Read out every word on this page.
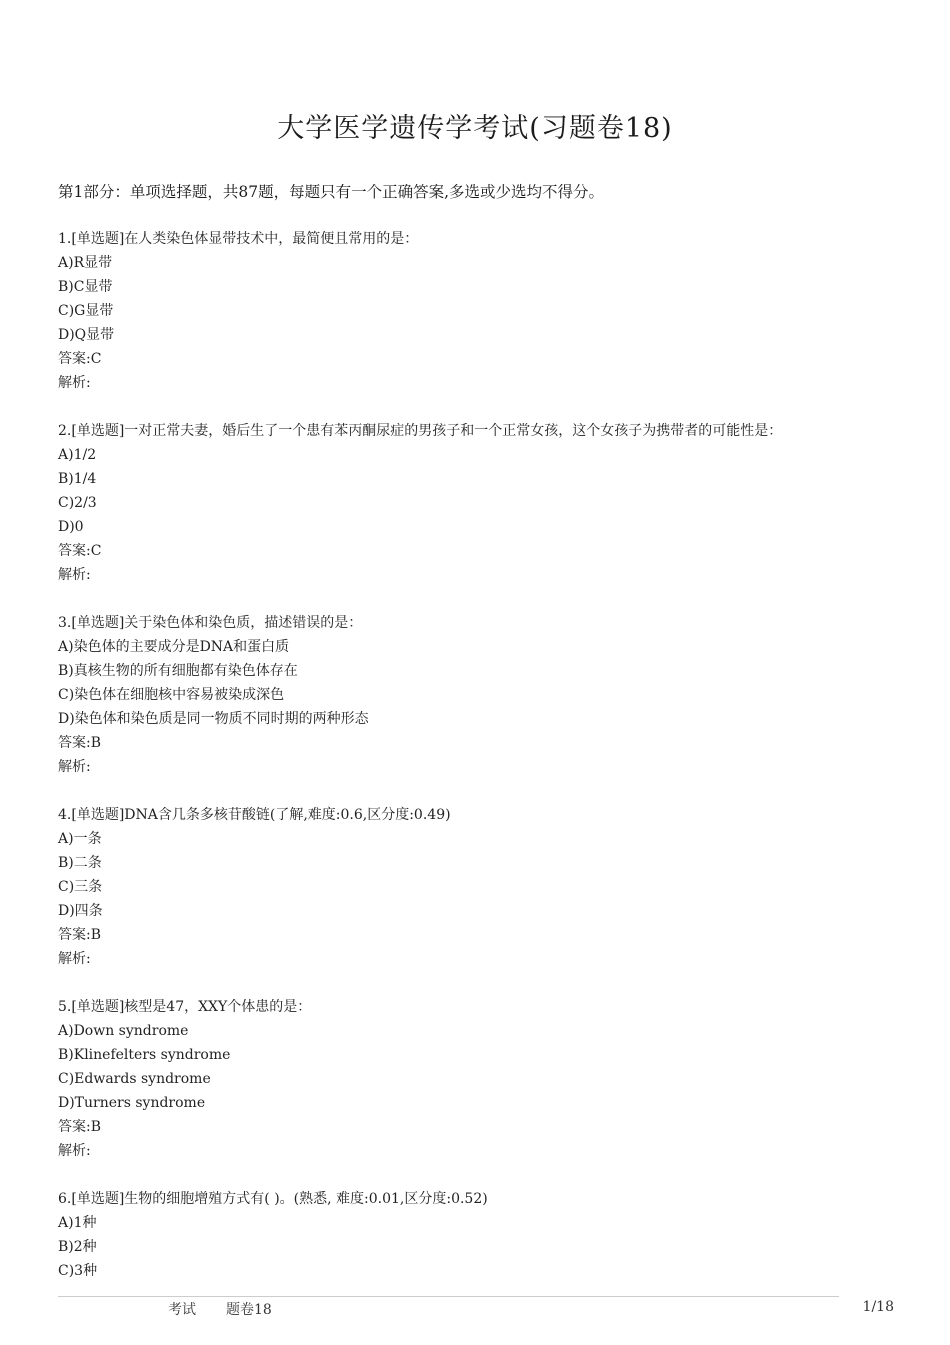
大学医学遗传学考试(习题卷18)
第1部分：单项选择题，共87题，每题只有一个正确答案,多选或少选均不得分。
1.[单选题]在人类染色体显带技术中，最简便且常用的是：
A)R显带
B)C显带
C)G显带
D)Q显带
答案:C
解析:
2.[单选题]一对正常夫妻，婚后生了一个患有苯丙酮尿症的男孩子和一个正常女孩，这个女孩子为携带者的可能性是：
A)1/2
B)1/4
C)2/3
D)0
答案:C
解析:
3.[单选题]关于染色体和染色质，描述错误的是：
A)染色体的主要成分是DNA和蛋白质
B)真核生物的所有细胞都有染色体存在
C)染色体在细胞核中容易被染成深色
D)染色体和染色质是同一物质不同时期的两种形态
答案:B
解析:
4.[单选题]DNA含几条多核苷酸链(了解,难度:0.6,区分度:0.49)
A)一条
B)二条
C)三条
D)四条
答案:B
解析:
5.[单选题]核型是47，XXY个体患的是：
A)Down syndrome
B)Klinefelters syndrome
C)Edwards syndrome
D)Turners syndrome
答案:B
解析:
6.[单选题]生物的细胞增殖方式有( )。(熟悉, 难度:0.01,区分度:0.52)
A)1种
B)2种
C)3种
考试 题卷18	1/18
